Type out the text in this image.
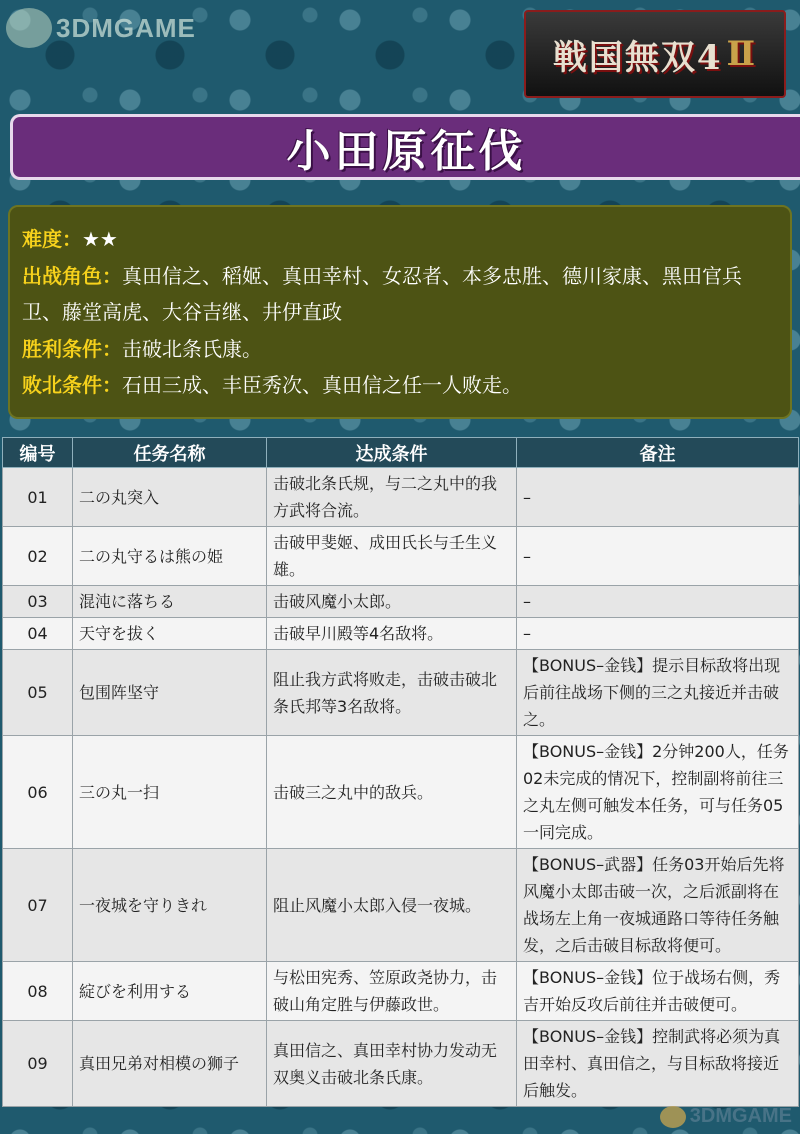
3DMGAME
戦国無双4 Ⅱ
小田原征伐

难度：★★

出战角色：真田信之、稻姬、真田幸村、女忍者、本多忠胜、德川家康、黑田官兵卫、藤堂高虎、大谷吉继、井伊直政

胜利条件：击破北条氏康。

败北条件：石田三成、丰臣秀次、真田信之任一人败走。

编号	任务名称	达成条件	备注
01	二の丸突入	击破北条氏规，与二之丸中的我方武将合流。	–
02	二の丸守るは熊の姫	击破甲斐姬、成田氏长与壬生义雄。	–
03	混沌に落ちる	击破风魔小太郎。	–
04	天守を拔く	击破早川殿等4名敌将。	–
05	包围阵坚守	阻止我方武将败走，击破击破北条氏邦等3名敌将。	【BONUS–金钱】提示目标敌将出现后前往战场下侧的三之丸接近并击破之。
06	三の丸一扫	击破三之丸中的敌兵。	【BONUS–金钱】2分钟200人，任务02未完成的情况下，控制副将前往三之丸左侧可触发本任务，可与任务05一同完成。
07	一夜城を守りきれ	阻止风魔小太郎入侵一夜城。	【BONUS–武器】任务03开始后先将风魔小太郎击破一次，之后派副将在战场左上角一夜城通路口等待任务触发，之后击破目标敌将便可。
08	綻びを利用する	与松田宪秀、笠原政尧协力，击破山角定胜与伊藤政世。	【BONUS–金钱】位于战场右侧，秀吉开始反攻后前往并击破便可。
09	真田兄弟对相模の狮子	真田信之、真田幸村协力发动无双奥义击破北条氏康。	【BONUS–金钱】控制武将必须为真田幸村、真田信之，与目标敌将接近后触发。
3DMGAME
